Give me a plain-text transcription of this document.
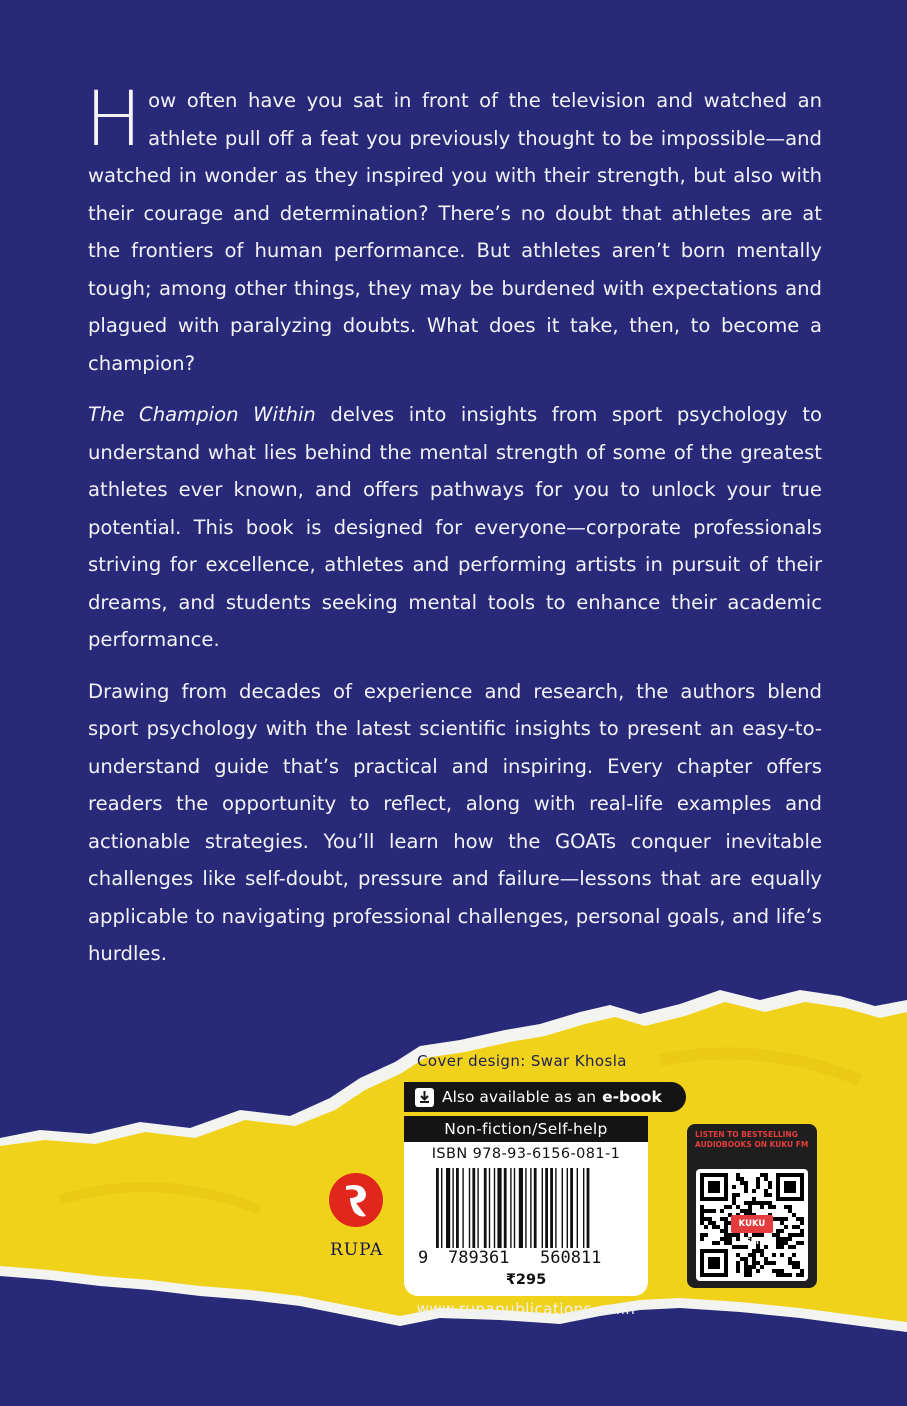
How often have you sat in front of the television and watched an athlete pull off a feat you previously thought to be impossible—and watched in wonder as they inspired you with their strength, but also with their courage and determination? There’s no doubt that athletes are at the frontiers of human performance. But athletes aren’t born mentally tough; among other things, they may be burdened with expectations and plagued with paralyzing doubts. What does it take, then, to become a champion?

The Champion Within delves into insights from sport psychology to understand what lies behind the mental strength of some of the greatest athletes ever known, and offers pathways for you to unlock your true potential. This book is designed for everyone—corporate professionals striving for excellence, athletes and performing artists in pursuit of their dreams, and students seeking mental tools to enhance their academic performance.

Drawing from decades of experience and research, the authors blend sport psychology with the latest scientific insights to present an easy-to-understand guide that’s practical and inspiring. Every chapter offers readers the opportunity to reflect, along with real-life examples and actionable strategies. You’ll learn how the GOATs conquer inevitable challenges like self-doubt, pressure and failure—lessons that are equally applicable to navigating professional challenges, personal goals, and life’s hurdles.

Cover design: Swar Khosla
Also available as an e-book
Non-fiction/Self-help
ISBN 978-93-6156-081-1
9 789361 560811
₹295
www.rupapublications.co.in
RUPA
LISTEN TO BESTSELLING AUDIOBOOKS ON KUKU FM
KUKU FM
